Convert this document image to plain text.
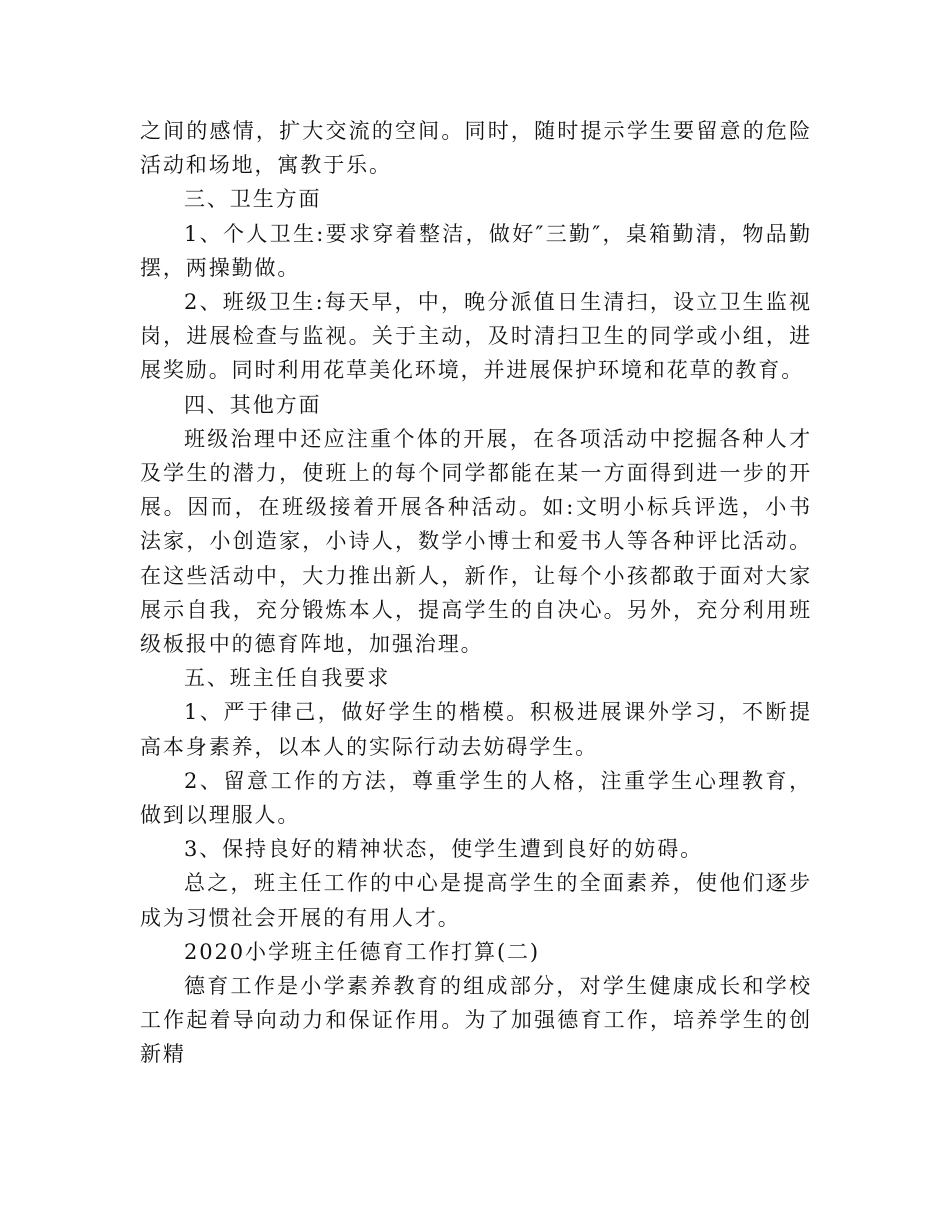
之间的感情，扩大交流的空间。同时，随时提示学生要留意的危险活动和场地，寓教于乐。

三、卫生方面

1、个人卫生:要求穿着整洁，做好″三勤″，桌箱勤清，物品勤摆，两操勤做。

2、班级卫生:每天早，中，晚分派值日生清扫，设立卫生监视岗，进展检查与监视。关于主动，及时清扫卫生的同学或小组，进展奖励。同时利用花草美化环境，并进展保护环境和花草的教育。

四、其他方面

班级治理中还应注重个体的开展，在各项活动中挖掘各种人才及学生的潜力，使班上的每个同学都能在某一方面得到进一步的开展。因而，在班级接着开展各种活动。如:文明小标兵评选，小书法家，小创造家，小诗人，数学小博士和爱书人等各种评比活动。在这些活动中，大力推出新人，新作，让每个小孩都敢于面对大家展示自我，充分锻炼本人，提高学生的自决心。另外，充分利用班级板报中的德育阵地，加强治理。

五、班主任自我要求

1、严于律己，做好学生的楷模。积极进展课外学习，不断提高本身素养，以本人的实际行动去妨碍学生。

2、留意工作的方法，尊重学生的人格，注重学生心理教育，做到以理服人。

3、保持良好的精神状态，使学生遭到良好的妨碍。

总之，班主任工作的中心是提高学生的全面素养，使他们逐步成为习惯社会开展的有用人才。

2020小学班主任德育工作打算(二)

德育工作是小学素养教育的组成部分，对学生健康成长和学校工作起着导向动力和保证作用。为了加强德育工作，培养学生的创新精
